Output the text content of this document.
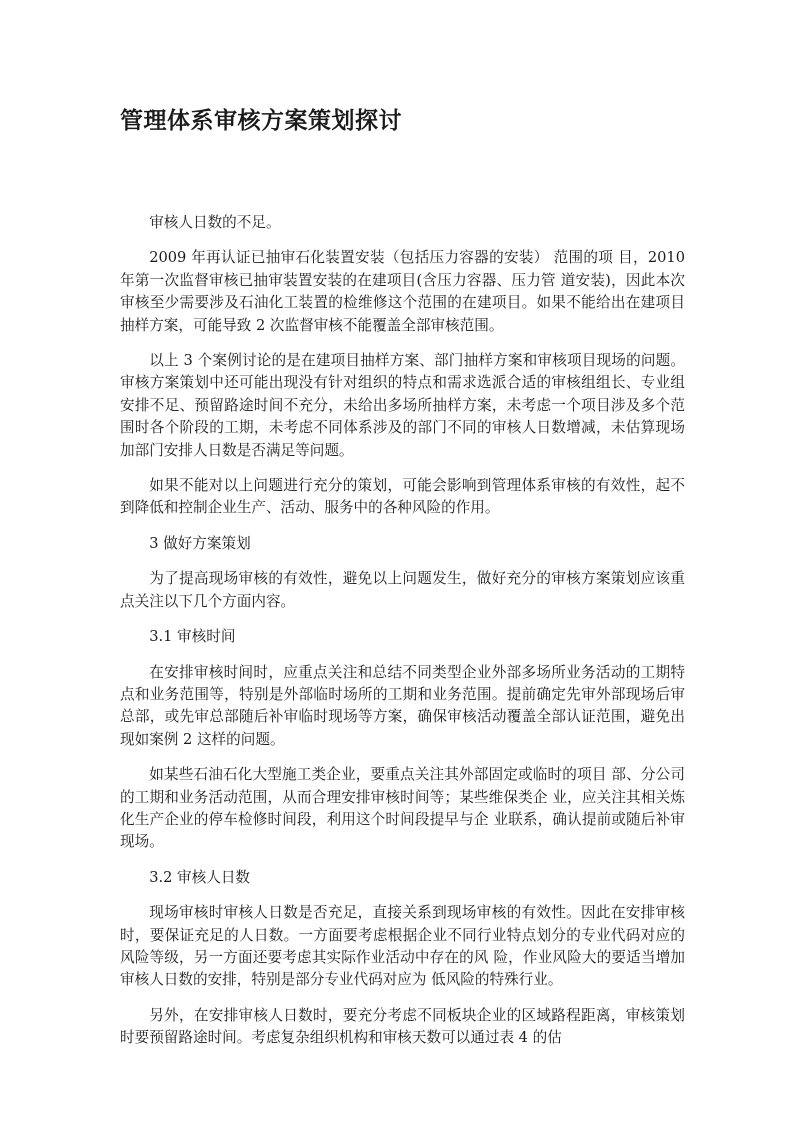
管理体系审核方案策划探讨

审核人日数的不足。

2009 年再认证已抽审石化装置安装（包括压力容器的安装） 范围的项 目，2010 年第一次监督审核已抽审装置安装的在建项目(含压力容器、压力管 道安装)，因此本次审核至少需要涉及石油化工装置的检维修这个范围的在建项目。如果不能给出在建项目抽样方案，可能导致 2 次监督审核不能覆盖全部审核范围。

以上 3 个案例讨论的是在建项目抽样方案、部门抽样方案和审核项目现场的问题。审核方案策划中还可能出现没有针对组织的特点和需求选派合适的审核组组长、专业组安排不足、预留路途时间不充分，未给出多场所抽样方案，未考虑一个项目涉及多个范围时各个阶段的工期，未考虑不同体系涉及的部门不同的审核人日数增减，未估算现场加部门安排人日数是否满足等问题。

如果不能对以上问题进行充分的策划，可能会影响到管理体系审核的有效性，起不到降低和控制企业生产、活动、服务中的各种风险的作用。

3 做好方案策划

为了提高现场审核的有效性，避免以上问题发生，做好充分的审核方案策划应该重点关注以下几个方面内容。

3.1 审核时间

在安排审核时间时，应重点关注和总结不同类型企业外部多场所业务活动的工期特点和业务范围等，特别是外部临时场所的工期和业务范围。提前确定先审外部现场后审总部，或先审总部随后补审临时现场等方案，确保审核活动覆盖全部认证范围，避免出现如案例 2 这样的问题。

如某些石油石化大型施工类企业，要重点关注其外部固定或临时的项目 部、分公司的工期和业务活动范围，从而合理安排审核时间等；某些维保类企 业，应关注其相关炼化生产企业的停车检修时间段，利用这个时间段提早与企 业联系，确认提前或随后补审现场。

3.2 审核人日数

现场审核时审核人日数是否充足，直接关系到现场审核的有效性。因此在安排审核时，要保证充足的人日数。一方面要考虑根据企业不同行业特点划分的专业代码对应的风险等级，另一方面还要考虑其实际作业活动中存在的风 险，作业风险大的要适当增加审核人日数的安排，特别是部分专业代码对应为 低风险的特殊行业。

另外，在安排审核人日数时，要充分考虑不同板块企业的区域路程距离，审核策划时要预留路途时间。考虑复杂组织机构和审核天数可以通过表 4 的估
